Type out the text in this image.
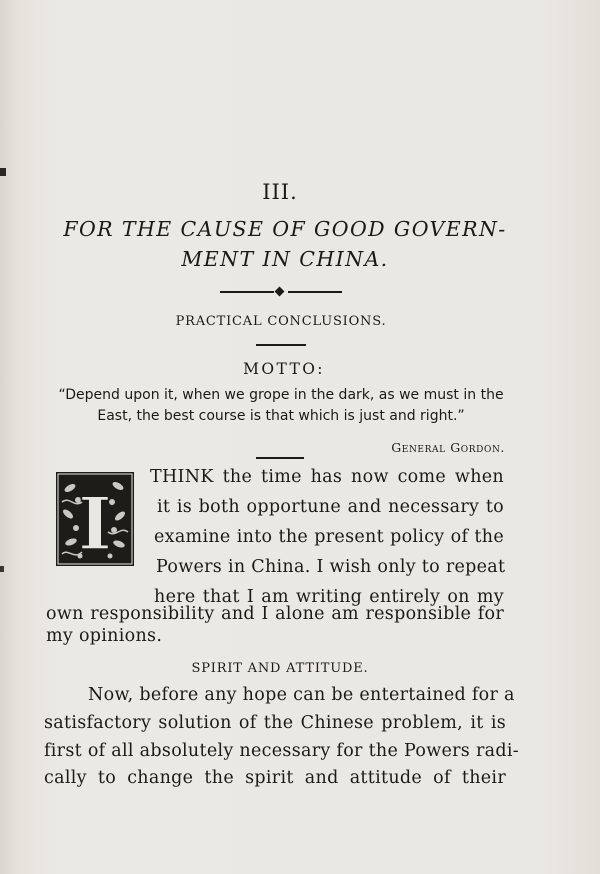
III.
FOR THE CAUSE OF GOOD GOVERN-
MENT IN CHINA.
PRACTICAL CONCLUSIONS.
MOTTO:
“Depend upon it, when we grope in the dark, as we must in the
East, the best course is that which is just and right.”
General Gordon.
I
THINK the time has now come when
it is both opportune and necessary to
examine into the present policy of the
Powers in China. I wish only to repeat
here that I am writing entirely on my
own responsibility and I alone am responsible for
my opinions.
SPIRIT AND ATTITUDE.
Now, before any hope can be entertained for a
satisfactory solution of the Chinese problem, it is
first of all absolutely necessary for the Powers radi-
cally to change the spirit and attitude of their
